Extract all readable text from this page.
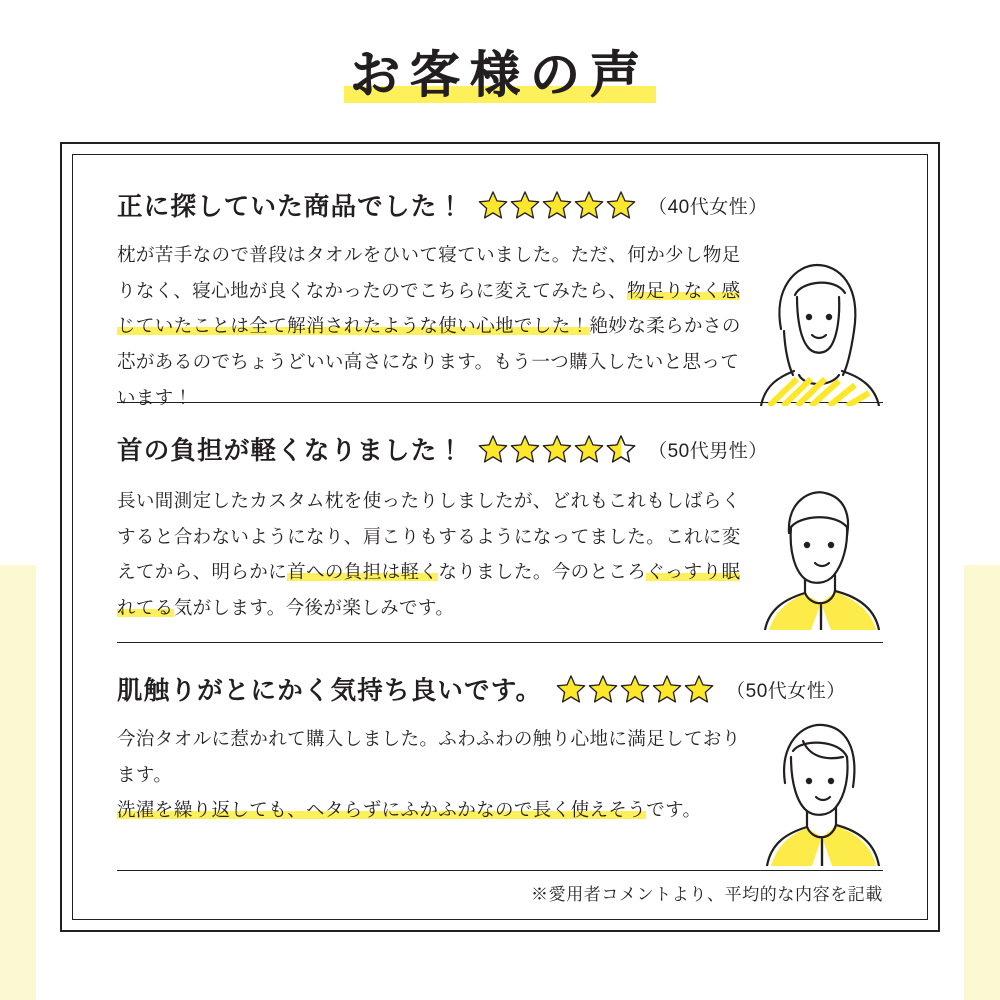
お客様の声
正に探していた商品でした！	（40代女性）
枕が苦手なので普段はタオルをひいて寝ていました。ただ、何か少し物足りなく、寝心地が良くなかったのでこちらに変えてみたら、物足りなく感じていたことは全て解消されたような使い心地でした！絶妙な柔らかさの芯があるのでちょうどいい高さになります。もう一つ購入したいと思っています！
首の負担が軽くなりました！	（50代男性）
長い間測定したカスタム枕を使ったりしましたが、どれもこれもしばらくすると合わないようになり、肩こりもするようになってました。これに変えてから、明らかに首への負担は軽くなりました。今のところぐっすり眠れてる気がします。今後が楽しみです。
肌触りがとにかく気持ち良いです。	（50代女性）
今治タオルに惹かれて購入しました。ふわふわの触り心地に満足しております。
洗濯を繰り返しても、ヘタらずにふかふかなので長く使えそうです。
※愛用者コメントより、平均的な内容を記載
